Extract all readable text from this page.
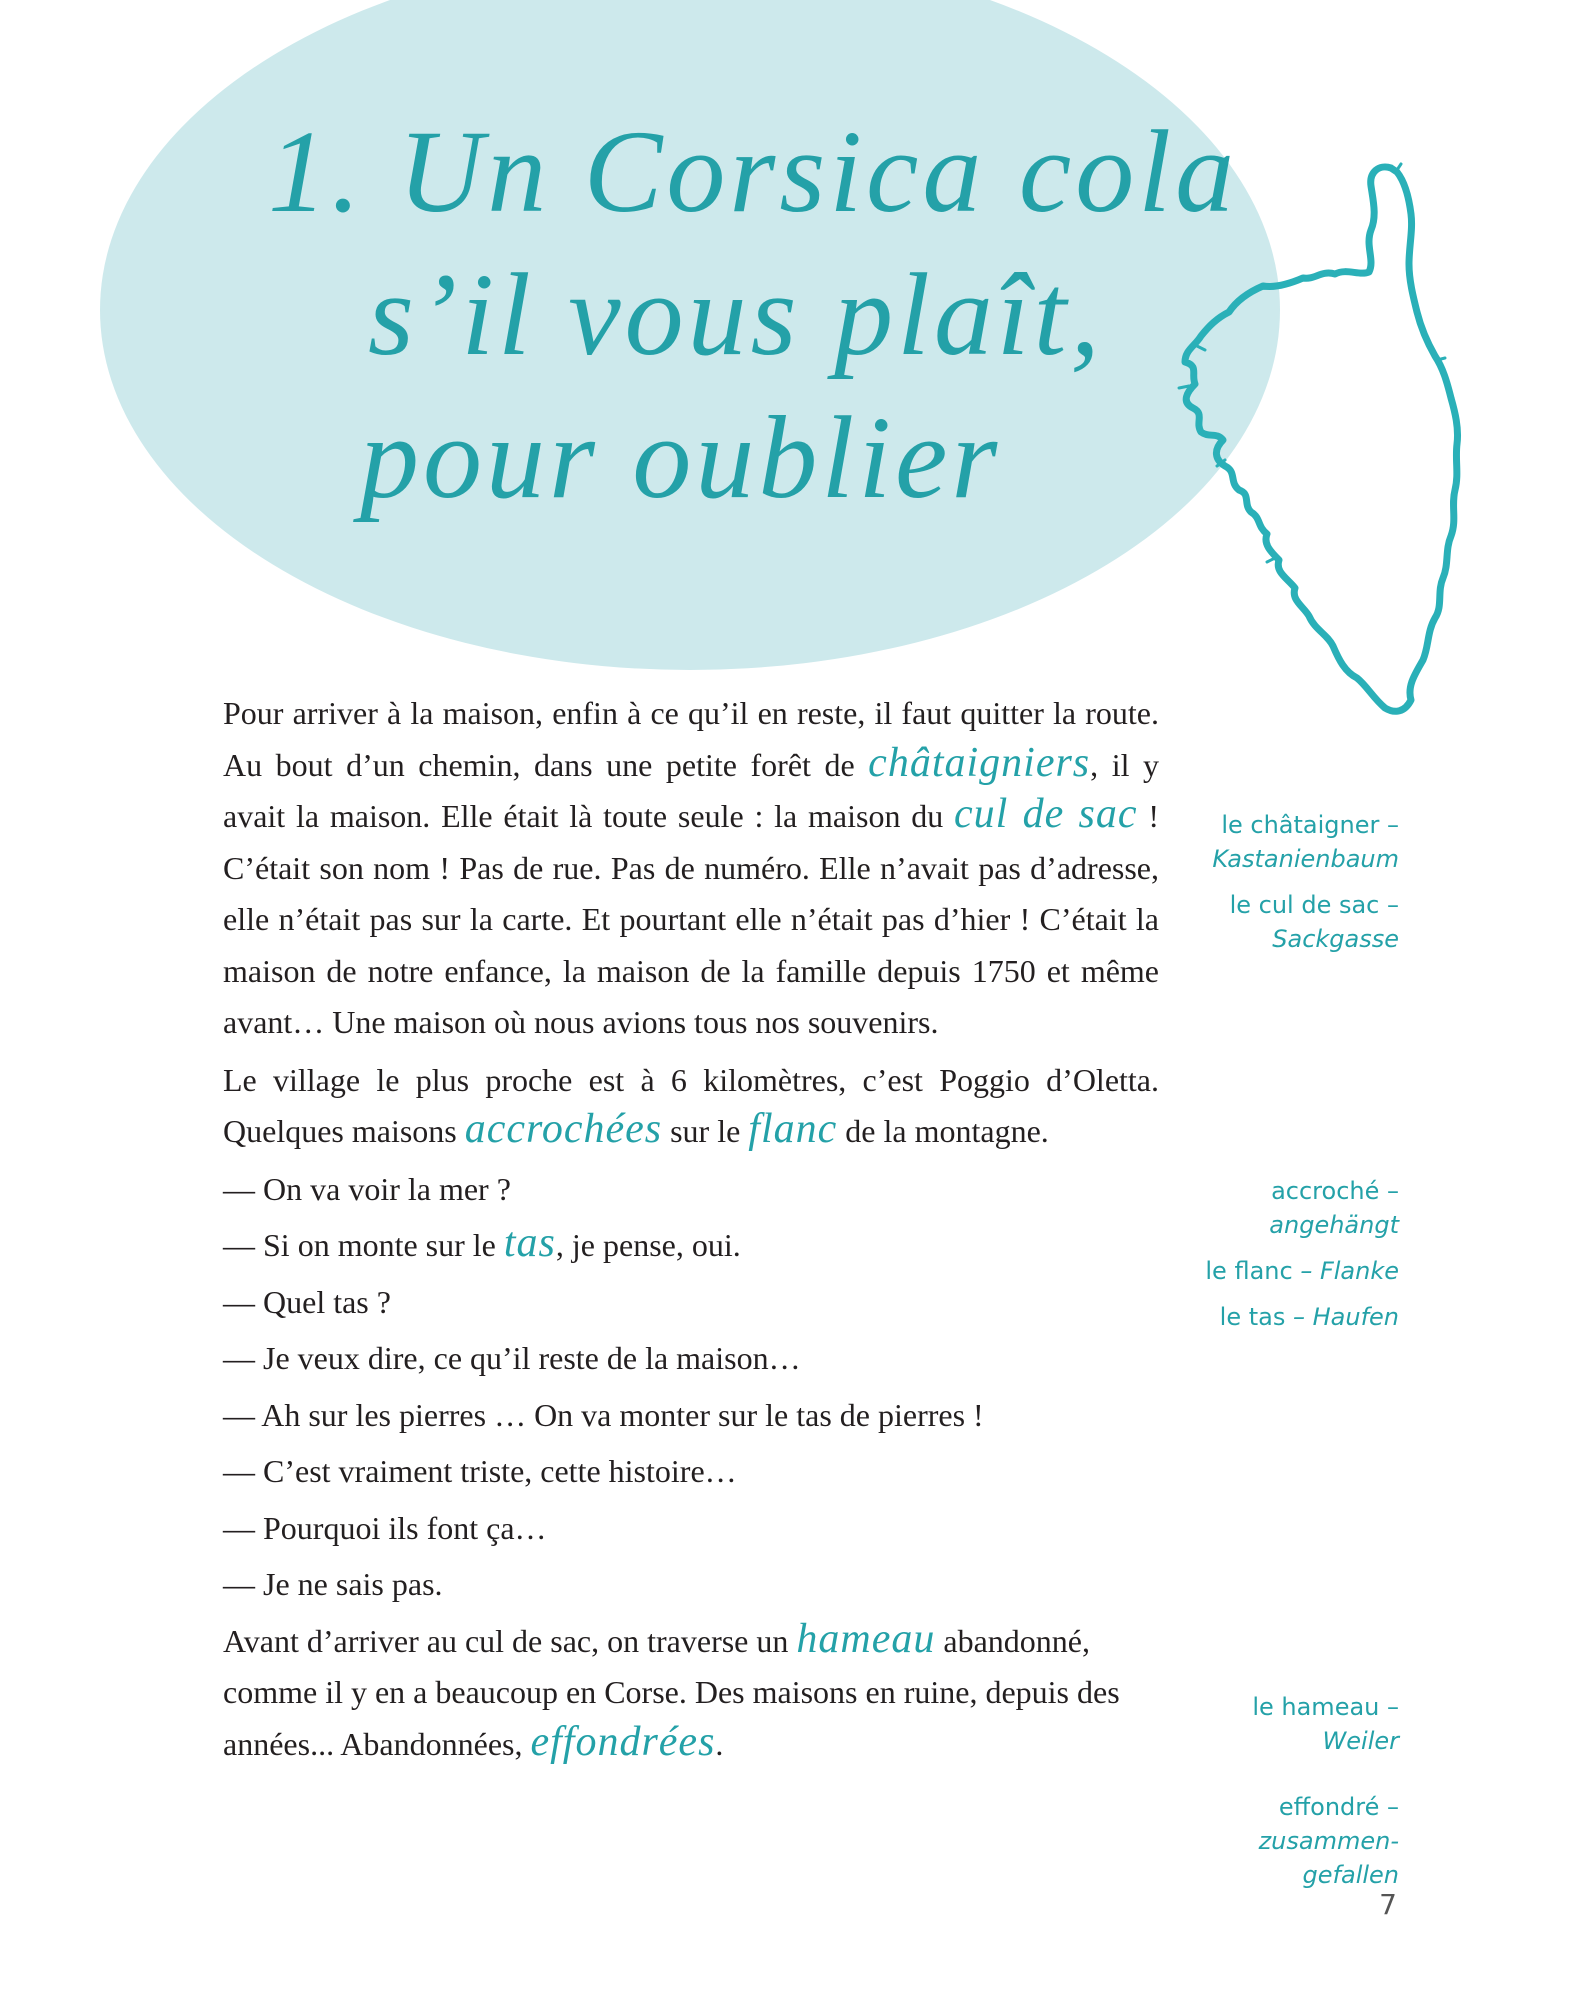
1. Un Corsica cola
s’il vous plaît,
pour oublier

Pour arriver à la maison, enfin à ce qu’il en reste, il faut quitter la route. Au bout d’un chemin, dans une petite forêt de châtaigniers, il y avait la maison. Elle était là toute seule : la maison du cul de sac ! C’était son nom ! Pas de rue. Pas de numéro. Elle n’avait pas d’adresse, elle n’était pas sur la carte. Et pourtant elle n’était pas d’hier ! C’était la maison de notre enfance, la maison de la famille depuis 1750 et même avant… Une maison où nous avions tous nos souvenirs.

Le village le plus proche est à 6 kilomètres, c’est Poggio d’Oletta. Quelques maisons accrochées sur le flanc de la montagne.

— On va voir la mer ?

— Si on monte sur le tas, je pense, oui.

— Quel tas ?

— Je veux dire, ce qu’il reste de la maison…

— Ah sur les pierres … On va monter sur le tas de pierres !

— C’est vraiment triste, cette histoire…

— Pourquoi ils font ça…

— Je ne sais pas.

Avant d’arriver au cul de sac, on traverse un hameau abandonné, comme il y en a beaucoup en Corse. Des maisons en ruine, depuis des années... Abandonnées, effondrées.

le châtaigner –
Kastanienbaum
le cul de sac –
Sackgasse
accroché –
angehängt
le flanc – Flanke
le tas – Haufen
le hameau –
Weiler
effondré –
zusammen-
gefallen
7
